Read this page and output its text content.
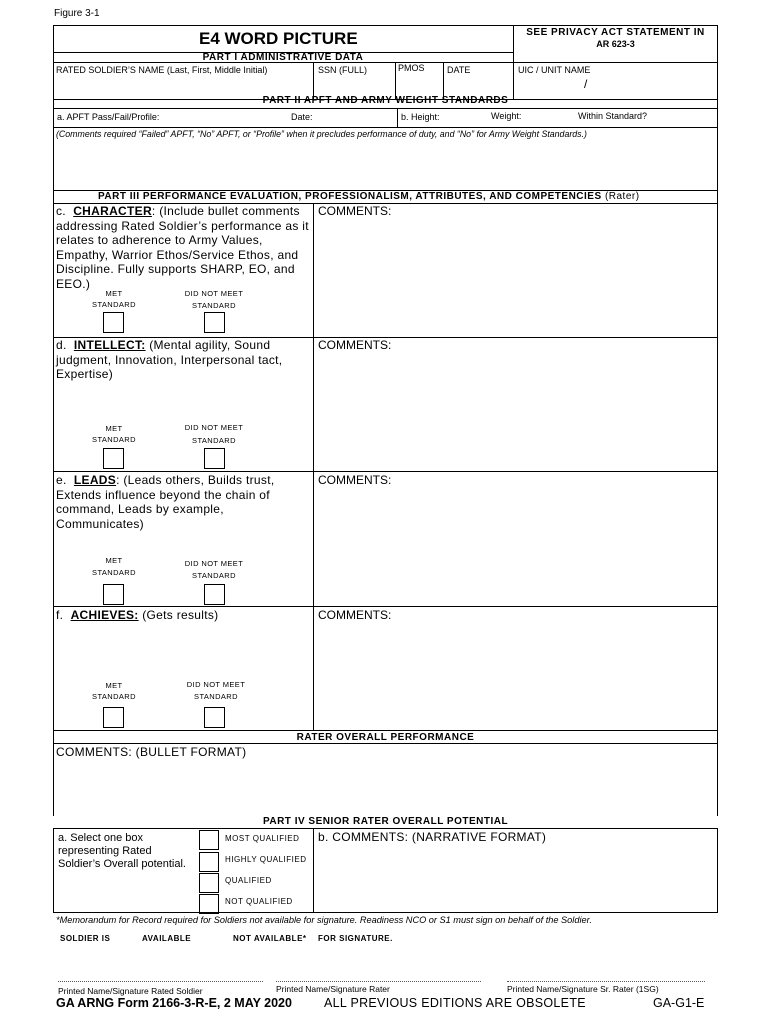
Figure 3-1
E4 WORD PICTURE	SEE PRIVACY ACT STATEMENT IN
AR 623-3
PART I ADMINISTRATIVE DATA
RATED SOLDIER’S NAME (Last, First, Middle Initial)	SSN (FULL)	PMOS DATE	UIC / UNIT NAME
/
PART II APFT AND ARMY WEIGHT STANDARDS
a. APFT Pass/Fail/Profile:	Date:	b. Height:	Weight:	Within Standard?
(Comments required “Failed” APFT, “No” APFT, or “Profile” when it precludes performance of duty, and “No” for Army Weight Standards.)
PART III PERFORMANCE EVALUATION, PROFESSIONALISM, ATTRIBUTES, AND COMPETENCIES (Rater)
c. CHARACTER: (Include bullet comments addressing Rated Soldier’s performance as it relates to adherence to Army Values, Empathy, Warrior Ethos/Service Ethos, and Discipline. Fully supports SHARP, EO, and EEO.)
COMMENTS:
MET
STANDARD
DID NOT MEET
STANDARD
d. INTELLECT: (Mental agility, Sound judgment, Innovation, Interpersonal tact, Expertise)
COMMENTS:
MET
STANDARD
DID NOT MEET
STANDARD
e. LEADS: (Leads others, Builds trust, Extends influence beyond the chain of command, Leads by example, Communicates)
COMMENTS:
MET
STANDARD
DID NOT MEET
STANDARD
f. ACHIEVES: (Gets results)	COMMENTS:
MET
STANDARD
DID NOT MEET
STANDARD
RATER OVERALL PERFORMANCE
COMMENTS: (BULLET FORMAT)
PART IV SENIOR RATER OVERALL POTENTIAL
a. Select one box representing Rated Soldier’s Overall potential.
MOST QUALIFIED
HIGHLY QUALIFIED
QUALIFIED
NOT QUALIFIED
b. COMMENTS: (NARRATIVE FORMAT)
*Memorandum for Record required for Soldiers not available for signature. Readiness NCO or S1 must sign on behalf of the Soldier.
SOLDIER IS	AVAILABLE	NOT AVAILABLE* FOR SIGNATURE.
Printed Name/Signature Rated Soldier	Printed Name/Signature Rater	Printed Name/Signature Sr. Rater (1SG)
GA ARNG Form 2166-3-R-E, 2 MAY 2020	ALL PREVIOUS EDITIONS ARE OBSOLETE	GA-G1-E
